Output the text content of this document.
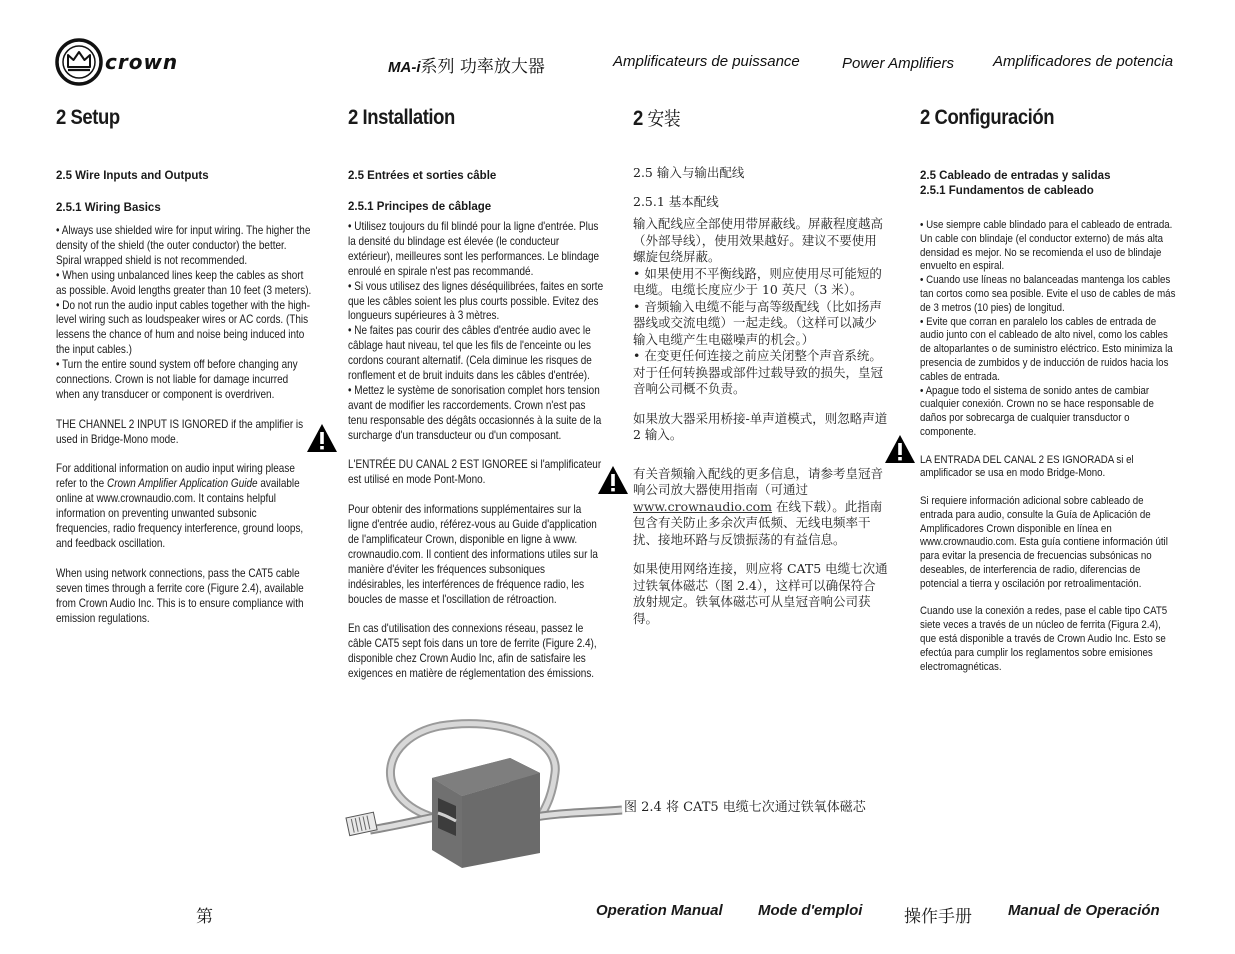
crown	MA-i系列 功率放大器	Amplificateurs de puissance	Power Amplifiers	Amplificadores de potencia
2 Setup
2.5 Wire Inputs and Outputs
2.5.1 Wiring Basics

• Always use shielded wire for input wiring. The higher the density of the shield (the outer conductor) the better. Spiral wrapped shield is not recommended.

• When using unbalanced lines keep the cables as short as possible. Avoid lengths greater than 10 feet (3 meters).

• Do not run the audio input cables together with the high-level wiring such as loudspeaker wires or AC cords. (This lessens the chance of hum and noise being induced into the input cables.)

• Turn the entire sound system off before changing any connections. Crown is not liable for damage incurred when any transducer or component is overdriven.

THE CHANNEL 2 INPUT IS IGNORED if the amplifier is used in Bridge-Mono mode.

For additional information on audio input wiring please refer to the Crown Amplifier Application Guide available online at www.crownaudio.com. It contains helpful information on preventing unwanted subsonic frequencies, radio frequency interference, ground loops, and feedback oscillation.

When using network connections, pass the CAT5 cable seven times through a ferrite core (Figure 2.4), available from Crown Audio Inc. This is to ensure compliance with emission regulations.

2 Installation
2.5 Entrées et sorties câble
2.5.1 Principes de câblage

• Utilisez toujours du fil blindé pour la ligne d'entrée. Plus la densité du blindage est élevée (le conducteur extérieur), meilleures sont les performances. Le blindage enroulé en spirale n'est pas recommandé.

• Si vous utilisez des lignes déséquilibrées, faites en sorte que les câbles soient les plus courts possible. Evitez des longueurs supérieures à 3 mètres.

• Ne faites pas courir des câbles d'entrée audio avec le câblage haut niveau, tel que les fils de l'enceinte ou les cordons courant alternatif. (Cela diminue les risques de ronflement et de bruit induits dans les câbles d'entrée).

• Mettez le système de sonorisation complet hors tension avant de modifier les raccordements. Crown n'est pas tenu responsable des dégâts occasionnés à la suite de la surcharge d'un transducteur ou d'un composant.

L'ENTRÉE DU CANAL 2 EST IGNOREE si l'amplificateur est utilisé en mode Pont-Mono.

Pour obtenir des informations supplémentaires sur la ligne d'entrée audio, référez-vous au Guide d'application de l'amplificateur Crown, disponible en ligne à www. crownaudio.com. Il contient des informations utiles sur la manière d'éviter les fréquences subsoniques indésirables, les interférences de fréquence radio, les boucles de masse et l'oscillation de rétroaction.

En cas d'utilisation des connexions réseau, passez le câble CAT5 sept fois dans un tore de ferrite (Figure 2.4), disponible chez Crown Audio Inc, afin de satisfaire les exigences en matière de réglementation des émissions.

2 安装

2.5 输入与输出配线

2.5.1 基本配线

输入配线应全部使用带屏蔽线。屏蔽程度越高（外部导线），使用效果越好。建议不要使用螺旋包绕屏蔽。

• 如果使用不平衡线路，则应使用尽可能短的电缆。电缆长度应少于 10 英尺（3 米）。

• 音频输入电缆不能与高等级配线（比如扬声器线或交流电缆）一起走线。（这样可以减少输入电缆产生电磁噪声的机会。）

• 在变更任何连接之前应关闭整个声音系统。对于任何转换器或部件过载导致的损失，皇冠音响公司概不负责。

如果放大器采用桥接-单声道模式，则忽略声道 2 输入。

有关音频输入配线的更多信息，请参考皇冠音响公司放大器使用指南（可通过www.crownaudio.com 在线下载）。此指南包含有关防止多余次声低频、无线电频率干扰、接地环路与反馈振荡的有益信息。

如果使用网络连接，则应将 CAT5 电缆七次通过铁氧体磁芯（图 2.4），这样可以确保符合放射规定。铁氧体磁芯可从皇冠音响公司获得。

2 Configuración
2.5 Cableado de entradas y salidas
2.5.1 Fundamentos de cableado

• Use siempre cable blindado para el cableado de entrada. Un cable con blindaje (el conductor externo) de más alta densidad es mejor. No se recomienda el uso de blindaje envuelto en espiral.

• Cuando use líneas no balanceadas mantenga los cables tan cortos como sea posible. Evite el uso de cables de más de 3 metros (10 pies) de longitud.

• Evite que corran en paralelo los cables de entrada de audio junto con el cableado de alto nivel, como los cables de altoparlantes o de suministro eléctrico. Esto minimiza la presencia de zumbidos y de inducción de ruidos hacia los cables de entrada.

• Apague todo el sistema de sonido antes de cambiar cualquier conexión. Crown no se hace responsable de daños por sobrecarga de cualquier transductor o componente.

LA ENTRADA DEL CANAL 2 ES IGNORADA si el amplificador se usa en modo Bridge-Mono.

Si requiere información adicional sobre cableado de entrada para audio, consulte la Guía de Aplicación de Amplificadores Crown disponible en línea en www.crownaudio.com. Esta guía contiene información útil para evitar la presencia de frecuencias subsónicas no deseables, de interferencia de radio, diferencias de potencial a tierra y oscilación por retroalimentación.

Cuando use la conexión a redes, pase el cable tipo CAT5 siete veces a través de un núcleo de ferrita (Figura 2.4), que está disponible a través de Crown Audio Inc. Esto se efectúa para cumplir los reglamentos sobre emisiones electromagnéticas.

图 2.4 将 CAT5 电缆七次通过铁氧体磁芯
第	Operation Manual Mode d'emploi 操作手册 Manual de Operación
